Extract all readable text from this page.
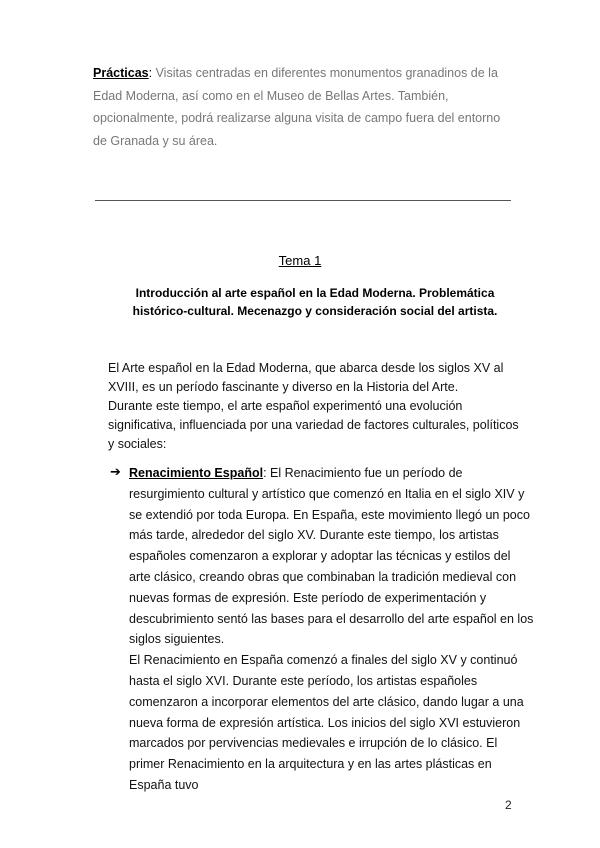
Prácticas: Visitas centradas en diferentes monumentos granadinos de la Edad Moderna, así como en el Museo de Bellas Artes. También, opcionalmente, podrá realizarse alguna visita de campo fuera del entorno de Granada y su área.
Tema 1
Introducción al arte español en la Edad Moderna. Problemática histórico-cultural. Mecenazgo y consideración social del artista.

El Arte español en la Edad Moderna, que abarca desde los siglos XV al XVIII, es un período fascinante y diverso en la Historia del Arte.

Durante este tiempo, el arte español experimentó una evolución significativa, influenciada por una variedad de factores culturales, políticos y sociales:

➔ Renacimiento Español: El Renacimiento fue un período de resurgimiento cultural y artístico que comenzó en Italia en el siglo XIV y se extendió por toda Europa. En España, este movimiento llegó un poco más tarde, alrededor del siglo XV. Durante este tiempo, los artistas españoles comenzaron a explorar y adoptar las técnicas y estilos del arte clásico, creando obras que combinaban la tradición medieval con nuevas formas de expresión. Este período de experimentación y descubrimiento sentó las bases para el desarrollo del arte español en los siglos siguientes.

El Renacimiento en España comenzó a finales del siglo XV y continuó hasta el siglo XVI. Durante este período, los artistas españoles comenzaron a incorporar elementos del arte clásico, dando lugar a una nueva forma de expresión artística. Los inicios del siglo XVI estuvieron marcados por pervivencias medievales e irrupción de lo clásico. El primer Renacimiento en la arquitectura y en las artes plásticas en España tuvo

2
